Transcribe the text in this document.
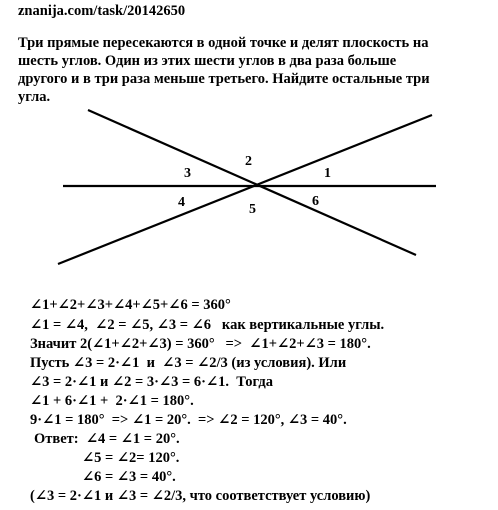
znanija.com/task/20142650
Три прямые пересекаются в одной точке и делят плоскость на
шесть углов. Один из этих шести углов в два раза больше
другого и в три раза меньше третьего. Найдите остальные три
угла.
1
2
3
4	5
6
∠1+∠2+∠3+∠4+∠5+∠6 = 360°
∠1 = ∠4,  ∠2 = ∠5, ∠3 = ∠6   как вертикальные углы.
Значит 2(∠1+∠2+∠3) = 360°   =>  ∠1+∠2+∠3 = 180°.
Пусть ∠3 = 2·∠1  и  ∠3 = ∠2/3 (из условия). Или
∠3 = 2·∠1 и ∠2 = 3·∠3 = 6·∠1.  Тогда
∠1 + 6·∠1 +  2·∠1 = 180°.
9·∠1 = 180°  => ∠1 = 20°.  => ∠2 = 120°, ∠3 = 40°.
Ответ:  ∠4 = ∠1 = 20°.
∠5 = ∠2= 120°.
∠6 = ∠3 = 40°.
(∠3 = 2·∠1 и ∠3 = ∠2/3, что соответствует условию)
